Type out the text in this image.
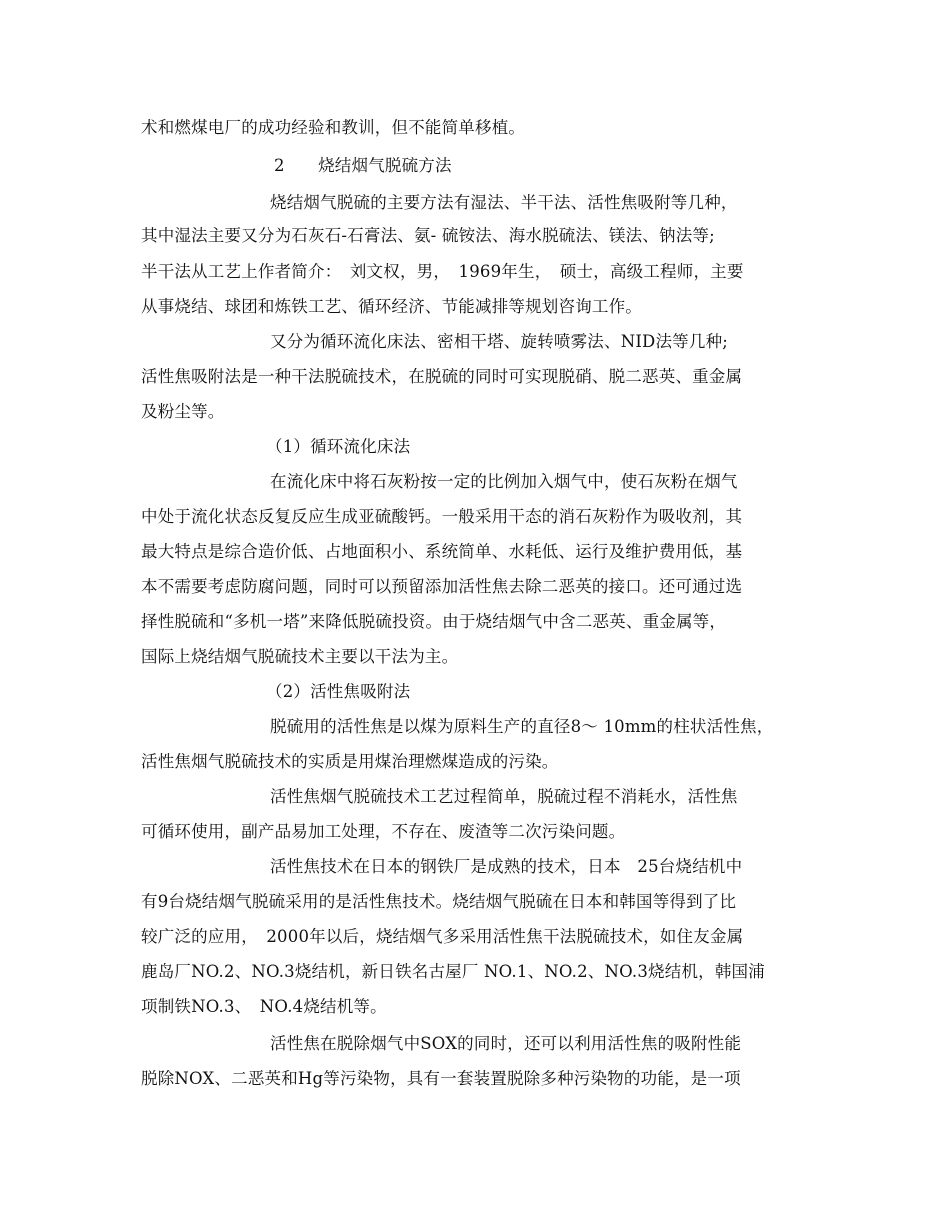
术和燃煤电厂的成功经验和教训，但不能简单移植。
2　　烧结烟气脱硫方法
烧结烟气脱硫的主要方法有湿法、半干法、活性焦吸附等几种，
其中湿法主要又分为石灰石-石膏法、氨- 硫铵法、海水脱硫法、镁法、钠法等;
半干法从工艺上作者简介：　刘文权，男，　1969年生，　硕士，高级工程师，主要
从事烧结、球团和炼铁工艺、循环经济、节能减排等规划咨询工作。
又分为循环流化床法、密相干塔、旋转喷雾法、NID法等几种;
活性焦吸附法是一种干法脱硫技术，在脱硫的同时可实现脱硝、脱二恶英、重金属
及粉尘等。
（1）循环流化床法
在流化床中将石灰粉按一定的比例加入烟气中，使石灰粉在烟气
中处于流化状态反复反应生成亚硫酸钙。一般采用干态的消石灰粉作为吸收剂，其
最大特点是综合造价低、占地面积小、系统简单、水耗低、运行及维护费用低，基
本不需要考虑防腐问题，同时可以预留添加活性焦去除二恶英的接口。还可通过选
择性脱硫和“多机一塔”来降低脱硫投资。由于烧结烟气中含二恶英、重金属等，
国际上烧结烟气脱硫技术主要以干法为主。
（2）活性焦吸附法
脱硫用的活性焦是以煤为原料生产的直径8～ 10mm的柱状活性焦，
活性焦烟气脱硫技术的实质是用煤治理燃煤造成的污染。
活性焦烟气脱硫技术工艺过程简单，脱硫过程不消耗水，活性焦
可循环使用，副产品易加工处理，不存在、废渣等二次污染问题。
活性焦技术在日本的钢铁厂是成熟的技术，日本　25台烧结机中
有9台烧结烟气脱硫采用的是活性焦技术。烧结烟气脱硫在日本和韩国等得到了比
较广泛的应用，　2000年以后，烧结烟气多采用活性焦干法脱硫技术，如住友金属
鹿岛厂NO.2、NO.3烧结机，新日铁名古屋厂 NO.1、NO.2、NO.3烧结机，韩国浦
项制铁NO.3、　NO.4烧结机等。
活性焦在脱除烟气中SOX的同时，还可以利用活性焦的吸附性能
脱除NOX、二恶英和Hg等污染物，具有一套装置脱除多种污染物的功能，是一项
